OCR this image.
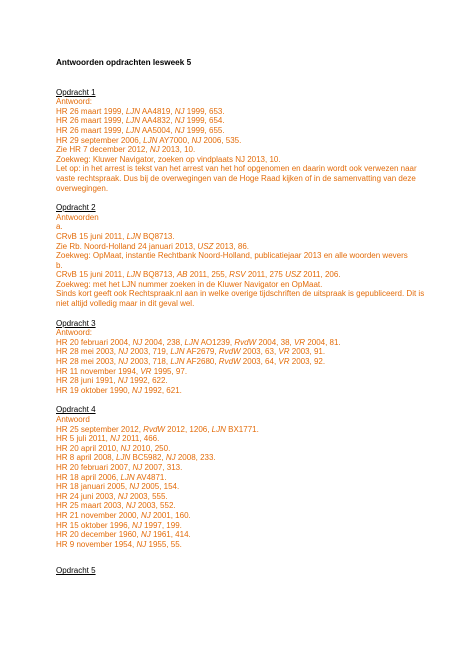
Antwoorden opdrachten lesweek 5
Opdracht 1
Antwoord:
HR 26 maart 1999, LJN AA4819, NJ 1999, 653.
HR 26 maart 1999, LJN AA4832, NJ 1999, 654.
HR 26 maart 1999, LJN AA5004, NJ 1999, 655.
HR 29 september 2006, LJN AY7000, NJ 2006, 535.
Zie HR 7 december 2012, NJ 2013, 10.
Zoekweg: Kluwer Navigator, zoeken op vindplaats NJ 2013, 10.
Let op: in het arrest is tekst van het arrest van het hof opgenomen en daarin wordt ook verwezen naar vaste rechtspraak. Dus bij de overwegingen van de Hoge Raad kijken of in de samenvatting van deze overwegingen.
Opdracht 2
Antwoorden
a.
CRvB 15 juni 2011, LJN BQ8713.
Zie Rb. Noord-Holland 24 januari 2013, USZ 2013, 86.
Zoekweg: OpMaat, instantie Rechtbank Noord-Holland, publicatiejaar 2013 en alle woorden wevers
b.
CRvB 15 juni 2011, LJN BQ8713, AB 2011, 255, RSV 2011, 275 USZ 2011, 206.
Zoekweg: met het LJN nummer zoeken in de Kluwer Navigator en OpMaat.
Sinds kort geeft ook Rechtspraak.nl aan in welke overige tijdschriften de uitspraak is gepubliceerd. Dit is niet altijd volledig maar in dit geval wel.
Opdracht 3
Antwoord:
HR 20 februari 2004, NJ 2004, 238, LJN AO1239, RvdW 2004, 38, VR 2004, 81.
HR 28 mei 2003, NJ 2003, 719, LJN AF2679, RvdW 2003, 63, VR 2003, 91.
HR 28 mei 2003, NJ 2003, 718, LJN AF2680, RvdW 2003, 64, VR 2003, 92.
HR 11 november 1994, VR 1995, 97.
HR 28 juni 1991, NJ 1992, 622.
HR 19 oktober 1990, NJ 1992, 621.
Opdracht 4
Antwoord
HR 25 september 2012, RvdW 2012, 1206, LJN BX1771.
HR 5 juli 2011, NJ 2011, 466.
HR 20 april 2010, NJ 2010, 250.
HR 8 april 2008, LJN BC5982, NJ 2008, 233.
HR 20 februari 2007, NJ 2007, 313.
HR 18 april 2006, LJN AV4871.
HR 18 januari 2005, NJ 2005, 154.
HR 24 juni 2003, NJ 2003, 555.
HR 25 maart 2003, NJ 2003, 552.
HR 21 november 2000, NJ 2001, 160.
HR 15 oktober 1996, NJ 1997, 199.
HR 20 december 1960, NJ 1961, 414.
HR 9 november 1954, NJ 1955, 55.
Opdracht 5
